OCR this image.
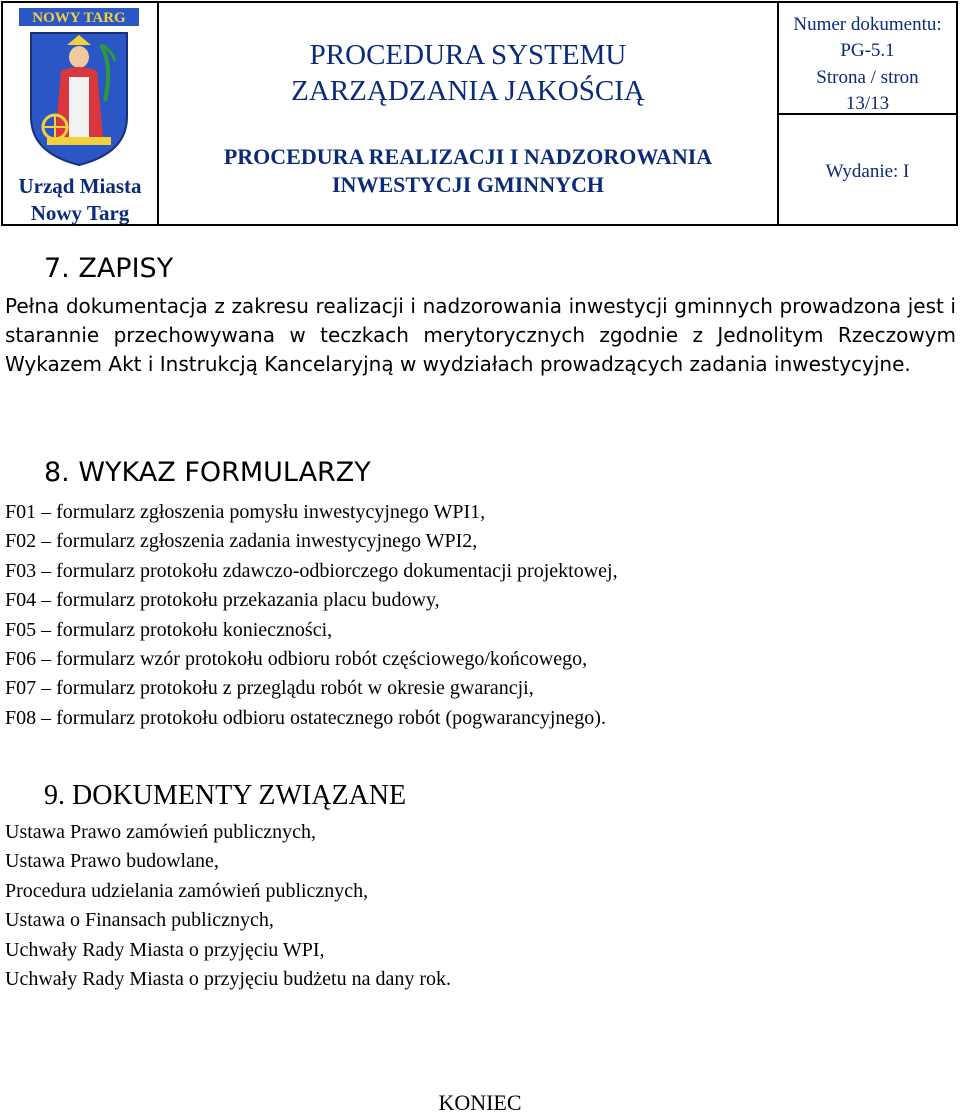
NOWY TARG
Urząd Miasta
Nowy Targ
PROCEDURA SYSTEMU
ZARZĄDZANIA JAKOŚCIĄ
PROCEDURA REALIZACJI I NADZOROWANIA
INWESTYCJI GMINNYCH
Numer dokumentu:
PG-5.1
Strona / stron
13/13
Wydanie: I
7. ZAPISY
Pełna dokumentacja z zakresu realizacji i nadzorowania inwestycji gminnych prowadzona jest i starannie przechowywana w teczkach merytorycznych zgodnie z Jednolitym Rzeczowym Wykazem Akt i Instrukcją Kancelaryjną w wydziałach prowadzących zadania inwestycyjne.
8. WYKAZ FORMULARZY
F01 – formularz zgłoszenia pomysłu inwestycyjnego WPI1,
F02 – formularz zgłoszenia zadania inwestycyjnego WPI2,
F03 – formularz protokołu zdawczo-odbiorczego dokumentacji projektowej,
F04 – formularz protokołu przekazania placu budowy,
F05 – formularz protokołu konieczności,
F06 – formularz wzór protokołu odbioru robót częściowego/końcowego,
F07 – formularz protokołu z przeglądu robót w okresie gwarancji,
F08 – formularz protokołu odbioru ostatecznego robót (pogwarancyjnego).
9. DOKUMENTY ZWIĄZANE
Ustawa Prawo zamówień publicznych,
Ustawa Prawo budowlane,
Procedura udzielania zamówień publicznych,
Ustawa o Finansach publicznych,
Uchwały Rady Miasta o przyjęciu WPI,
Uchwały Rady Miasta o przyjęciu budżetu na dany rok.
KONIEC
